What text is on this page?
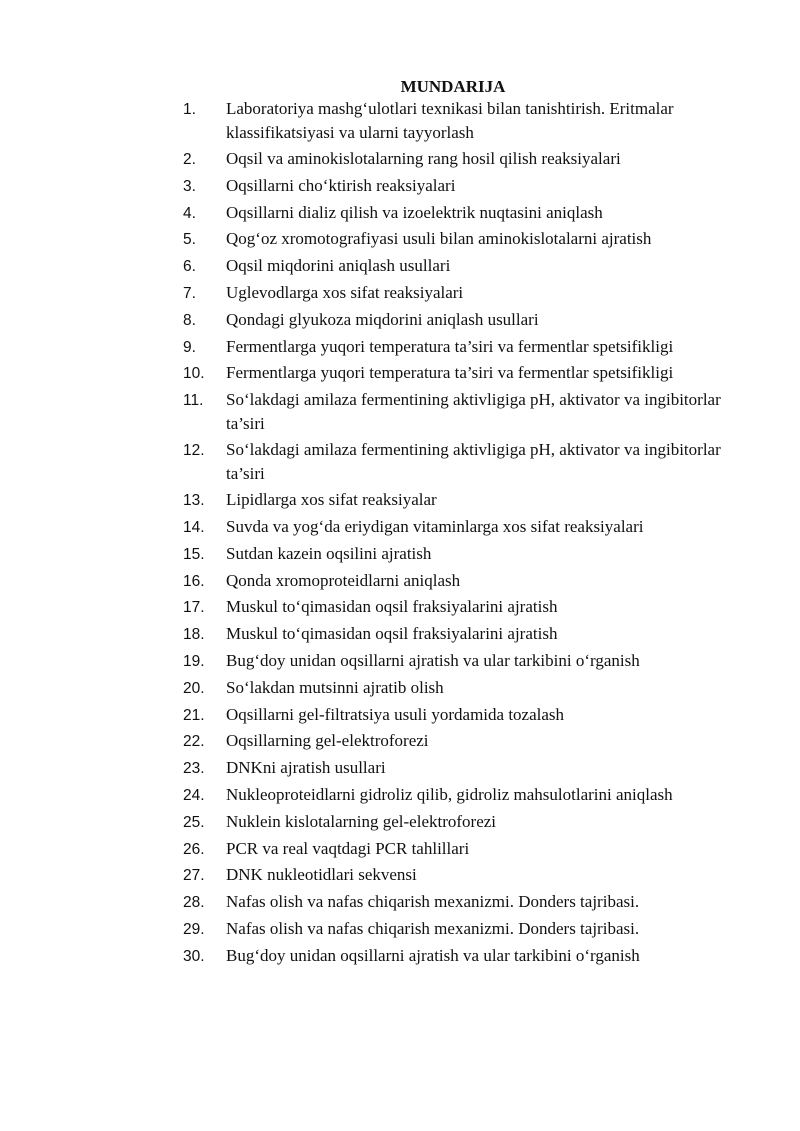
MUNDARIJA
1.	Laboratoriya mashg‘ulotlari texnikasi bilan tanishtirish. Eritmalar klassifikatsiyasi va ularni tayyorlash
2.	Oqsil va aminokislotalarning rang hosil qilish reaksiyalari
3.	Oqsillarni cho‘ktirish reaksiyalari
4.	Oqsillarni dializ qilish va izoelektrik nuqtasini aniqlash
5.	Qog‘oz xromotografiyasi usuli bilan aminokislotalarni ajratish
6.	Oqsil miqdorini aniqlash usullari
7.	Uglevodlarga xos sifat reaksiyalari
8.	Qondagi glyukoza miqdorini aniqlash usullari
9.	Fermentlarga yuqori temperatura ta’siri va fermentlar spetsifikligi
10.	Fermentlarga yuqori temperatura ta’siri va fermentlar spetsifikligi
11.	So‘lakdagi amilaza fermentining aktivligiga pH, aktivator va ingibitorlar ta’siri
12.	So‘lakdagi amilaza fermentining aktivligiga pH, aktivator va ingibitorlar ta’siri
13.	Lipidlarga xos sifat reaksiyalar
14.	Suvda va yog‘da eriydigan vitaminlarga xos sifat reaksiyalari
15.	Sutdan kazein oqsilini ajratish
16.	Qonda xromoproteidlarni aniqlash
17.	Muskul to‘qimasidan oqsil fraksiyalarini ajratish
18.	Muskul to‘qimasidan oqsil fraksiyalarini ajratish
19.	Bug‘doy unidan oqsillarni ajratish va ular tarkibini o‘rganish
20.	So‘lakdan mutsinni ajratib olish
21.	Oqsillarni gel-filtratsiya usuli yordamida tozalash
22.	Oqsillarning gel-elektroforezi
23.	DNKni ajratish usullari
24.	Nukleoproteidlarni gidroliz qilib, gidroliz mahsulotlarini aniqlash
25.	Nuklein kislotalarning gel-elektroforezi
26.	PCR va real vaqtdagi PCR tahlillari
27.	DNK nukleotidlari sekvensi
28.	Nafas olish va nafas chiqarish mexanizmi. Donders tajribasi.
29.	Nafas olish va nafas chiqarish mexanizmi. Donders tajribasi.
30.	Bug‘doy unidan oqsillarni ajratish va ular tarkibini o‘rganish
